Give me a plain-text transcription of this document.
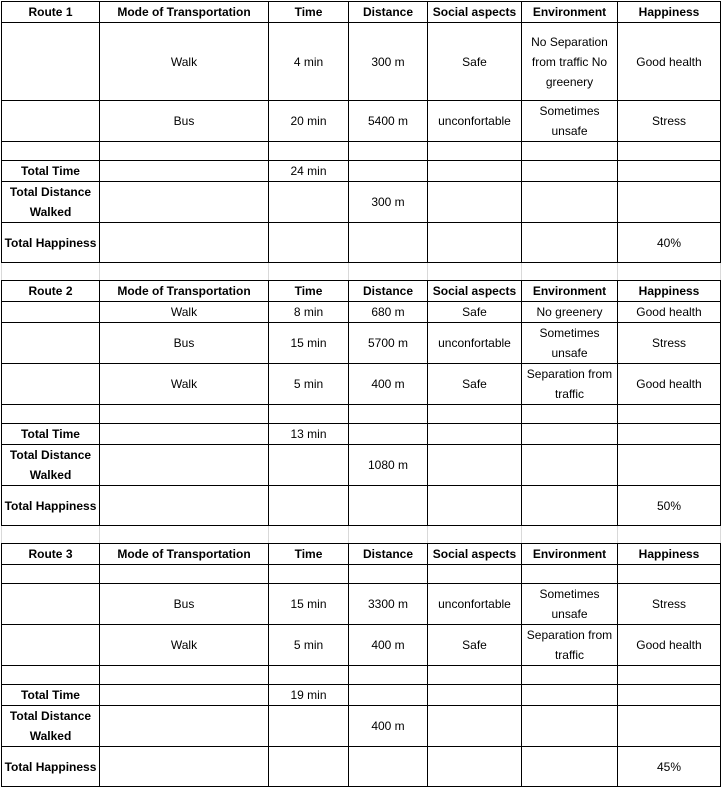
Route 1	Mode of Transportation	Time	Distance	Social aspects	Environment	Happiness

	Walk	4 min	300 m	Safe	No Separation from traffic No greenery	Good health

	Bus	20 min	5400 m	unconfortable	Sometimes unsafe	Stress

Total Time		24 min				

Total Distance Walked			300 m			

Total Happiness						40%

Route 2	Mode of Transportation	Time	Distance	Social aspects	Environment	Happiness

	Walk	8 min	680 m	Safe	No greenery	Good health

	Bus	15 min	5700 m	unconfortable	Sometimes unsafe	Stress

	Walk	5 min	400 m	Safe	Separation from traffic	Good health

Total Time		13 min				

Total Distance Walked			1080 m			

Total Happiness						50%

Route 3	Mode of Transportation	Time	Distance	Social aspects	Environment	Happiness

	Bus	15 min	3300 m	unconfortable	Sometimes unsafe	Stress

	Walk	5 min	400 m	Safe	Separation from traffic	Good health

Total Time		19 min				

Total Distance Walked			400 m			

Total Happiness						45%
